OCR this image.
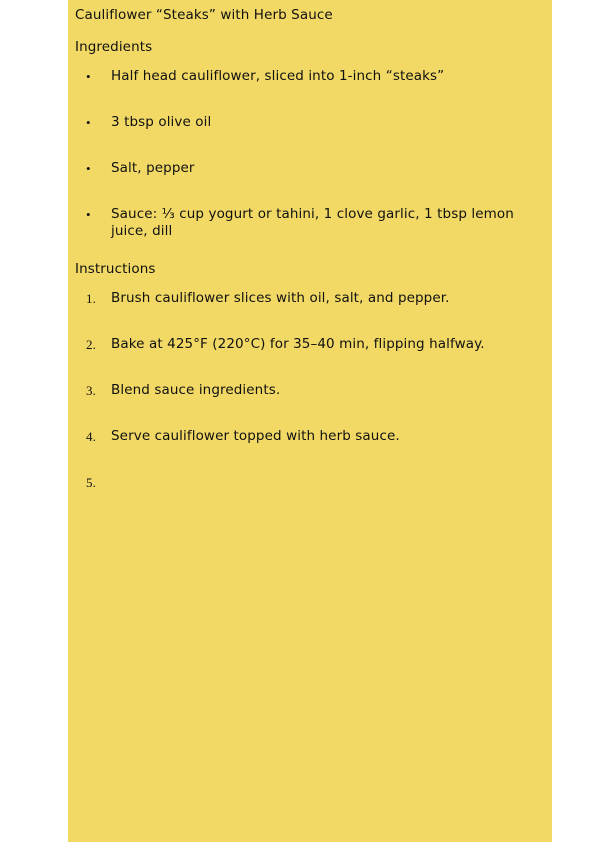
Cauliflower “Steaks” with Herb Sauce
Ingredients
• Half head cauliflower, sliced into 1-inch “steaks”
• 3 tbsp olive oil
• Salt, pepper
• Sauce: ⅓ cup yogurt or tahini, 1 clove garlic, 1 tbsp lemon juice, dill
Instructions
1. Brush cauliflower slices with oil, salt, and pepper.
2. Bake at 425°F (220°C) for 35–40 min, flipping halfway.
3. Blend sauce ingredients.
4. Serve cauliflower topped with herb sauce.
5.
